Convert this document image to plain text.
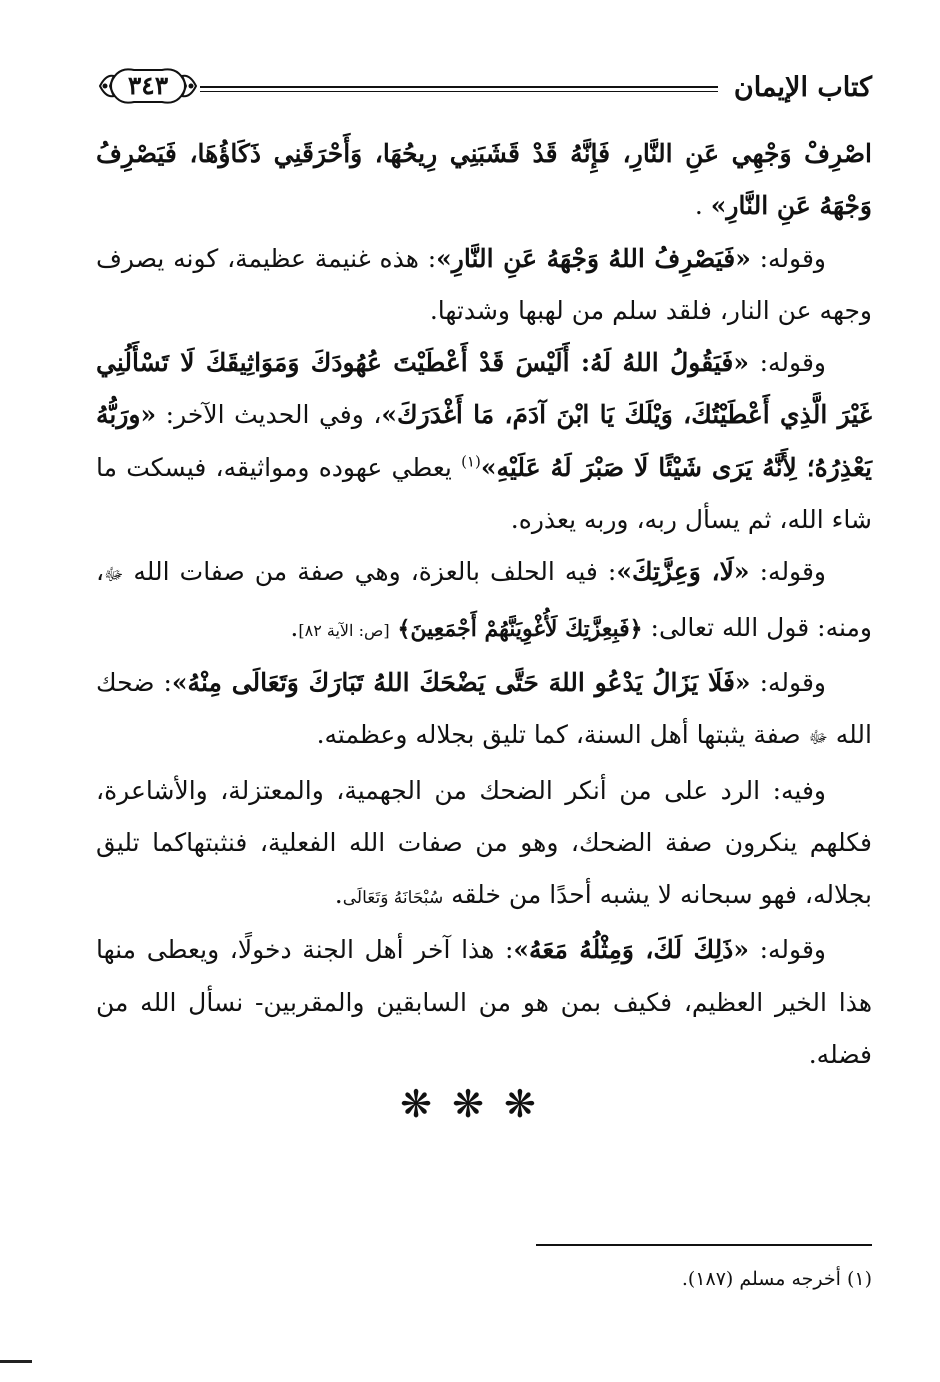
كتاب الإيمان
٣٤٣

اصْرِفْ وَجْهِي عَنِ النَّارِ، فَإِنَّهُ قَدْ قَشَبَنِي رِيحُهَا، وَأَحْرَقَنِي ذَكَاؤُهَا، فَيَصْرِفُ وَجْهَهُ عَنِ النَّارِ» .

وقوله: «فَيَصْرِفُ اللهُ وَجْهَهُ عَنِ النَّارِ»: هذه غنيمة عظيمة، كونه يصرف وجهه عن النار، فلقد سلم من لهبها وشدتها.

وقوله: «فَيَقُولُ اللهُ لَهُ: أَلَيْسَ قَدْ أَعْطَيْتَ عُهُودَكَ وَمَوَاثِيقَكَ لَا تَسْأَلُنِي غَيْرَ الَّذِي أَعْطَيْتُكَ، وَيْلَكَ يَا ابْنَ آدَمَ، مَا أَغْدَرَكَ»، وفي الحديث الآخر: «ورَبُّهُ يَعْذِرُهُ؛ لِأَنَّهُ يَرَى شَيْئًا لَا صَبْرَ لَهُ عَلَيْهِ»$^{(١)}$ يعطي عهوده ومواثيقه، فيسكت ما شاء الله، ثم يسأل ربه، وربه يعذره.

وقوله: «لَا، وَعِزَّتِكَ»: فيه الحلف بالعزة، وهي صفة من صفات الله ﷻ، ومنه: قول الله تعالى: ﴿فَبِعِزَّتِكَ لَأُغْوِيَنَّهُمْ أَجْمَعِينَ﴾ [ص: الآية ٨٢].

وقوله: «فَلَا يَزَالُ يَدْعُو اللهَ حَتَّى يَضْحَكَ اللهُ تَبَارَكَ وَتَعَالَى مِنْهُ»: ضحك الله ﷻ صفة يثبتها أهل السنة، كما تليق بجلاله وعظمته.

وفيه: الرد على من أنكر الضحك من الجهمية، والمعتزلة، والأشاعرة، فكلهم ينكرون صفة الضحك، وهو من صفات الله الفعلية، فنثبتهاكما تليق بجلاله، فهو سبحانه لا يشبه أحدًا من خلقه سُبْحَانَهُ وَتَعَالَى.

وقوله: «ذَلِكَ لَكَ، وَمِثْلُهُ مَعَهُ»: هذا آخر أهل الجنة دخولًا، ويعطى منها هذا الخير العظيم، فكيف بمن هو من السابقين والمقربين- نسأل الله من فضله.

❋ ❋ ❋
(١) أخرجه مسلم (١٨٧).
